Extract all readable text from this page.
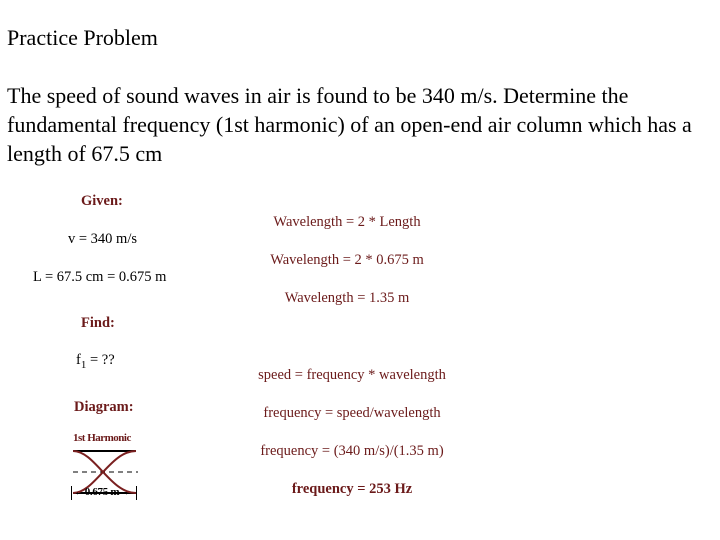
Practice Problem
The speed of sound waves in air is found to be 340 m/s. Determine the fundamental frequency (1st harmonic) of an open-end air column which has a length of 67.5 cm
Given:
v = 340 m/s
L = 67.5 cm = 0.675 m
Find:
$f_1$ = ??
Diagram:
1st Harmonic
←0.675 m→
Wavelength = 2 * Length
Wavelength = 2 * 0.675 m
Wavelength = 1.35 m
speed = frequency * wavelength
frequency = speed/wavelength
frequency = (340 m/s)/(1.35 m)
frequency = 253 Hz
